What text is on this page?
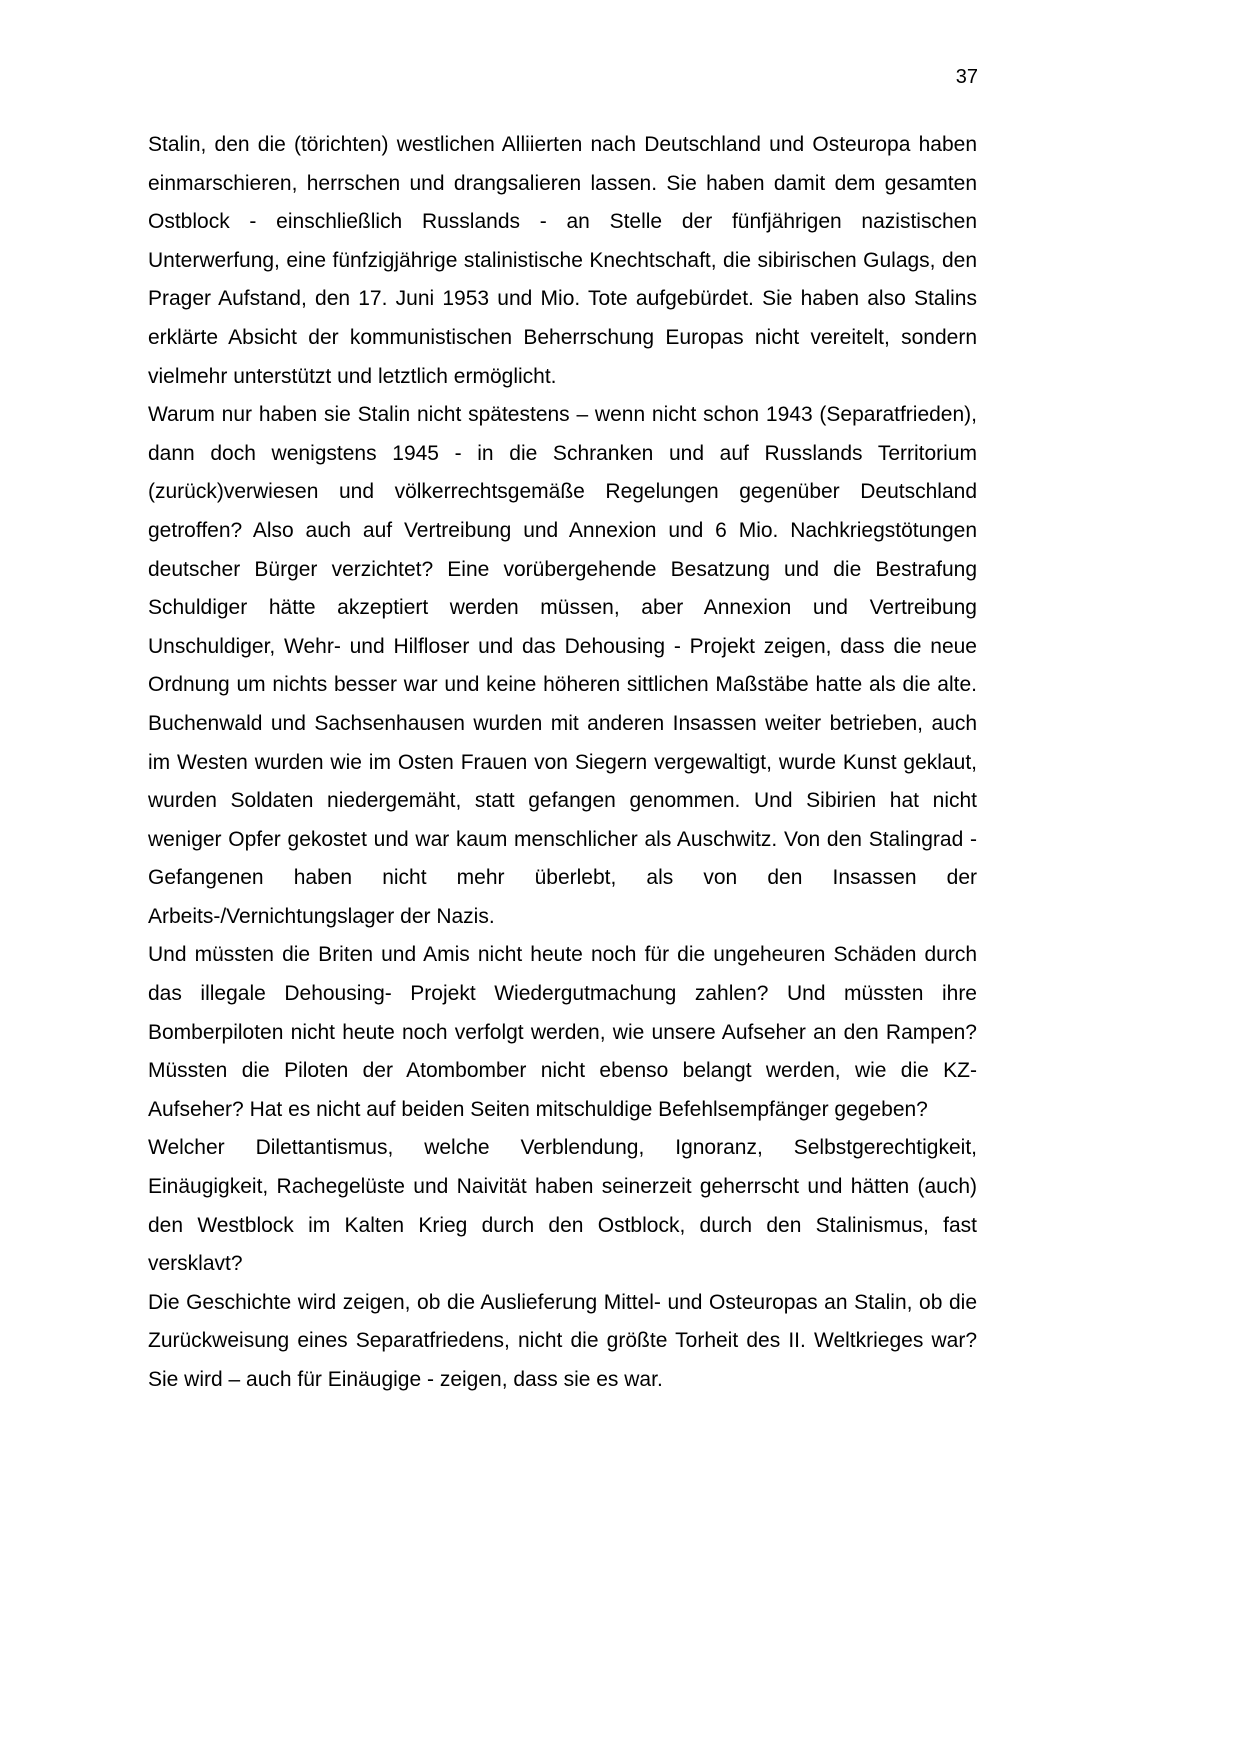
37

Stalin, den die (törichten) westlichen Alliierten nach Deutschland und Osteuropa haben einmarschieren, herrschen und drangsalieren lassen. Sie haben damit dem gesamten Ostblock - einschließlich Russlands - an Stelle der fünfjährigen nazistischen Unterwerfung, eine fünfzigjährige stalinistische Knechtschaft, die sibirischen Gulags, den Prager Aufstand, den 17. Juni 1953 und Mio. Tote aufgebürdet. Sie haben also Stalins erklärte Absicht der kommunistischen Beherrschung Europas nicht vereitelt, sondern vielmehr unterstützt und letztlich ermöglicht.

Warum nur haben sie Stalin nicht spätestens – wenn nicht schon 1943 (Separatfrieden), dann doch wenigstens 1945 - in die Schranken und auf Russlands Territorium (zurück)verwiesen und völkerrechtsgemäße Regelungen gegenüber Deutschland getroffen? Also auch auf Vertreibung und Annexion und 6 Mio. Nachkriegstötungen deutscher Bürger verzichtet? Eine vorübergehende Besatzung und die Bestrafung Schuldiger hätte akzeptiert werden müssen, aber Annexion und Vertreibung Unschuldiger, Wehr- und Hilfloser und das Dehousing - Projekt zeigen, dass die neue Ordnung um nichts besser war und keine höheren sittlichen Maßstäbe hatte als die alte. Buchenwald und Sachsenhausen wurden mit anderen Insassen weiter betrieben, auch im Westen wurden wie im Osten Frauen von Siegern vergewaltigt, wurde Kunst geklaut, wurden Soldaten niedergemäht, statt gefangen genommen. Und Sibirien hat nicht weniger Opfer gekostet und war kaum menschlicher als Auschwitz. Von den Stalingrad - Gefangenen haben nicht mehr überlebt, als von den Insassen der Arbeits-/Vernichtungslager der Nazis.

Und müssten die Briten und Amis nicht heute noch für die ungeheuren Schäden durch das illegale Dehousing- Projekt Wiedergutmachung zahlen? Und müssten ihre Bomberpiloten nicht heute noch verfolgt werden, wie unsere Aufseher an den Rampen? Müssten die Piloten der Atombomber nicht ebenso belangt werden, wie die KZ-Aufseher? Hat es nicht auf beiden Seiten mitschuldige Befehlsempfänger gegeben?

Welcher Dilettantismus, welche Verblendung, Ignoranz, Selbstgerechtigkeit, Einäugigkeit, Rachegelüste und Naivität haben seinerzeit geherrscht und hätten (auch) den Westblock im Kalten Krieg durch den Ostblock, durch den Stalinismus, fast versklavt?

Die Geschichte wird zeigen, ob die Auslieferung Mittel- und Osteuropas an Stalin, ob die Zurückweisung eines Separatfriedens, nicht die größte Torheit des II. Weltkrieges war? Sie wird – auch für Einäugige - zeigen, dass sie es war.
